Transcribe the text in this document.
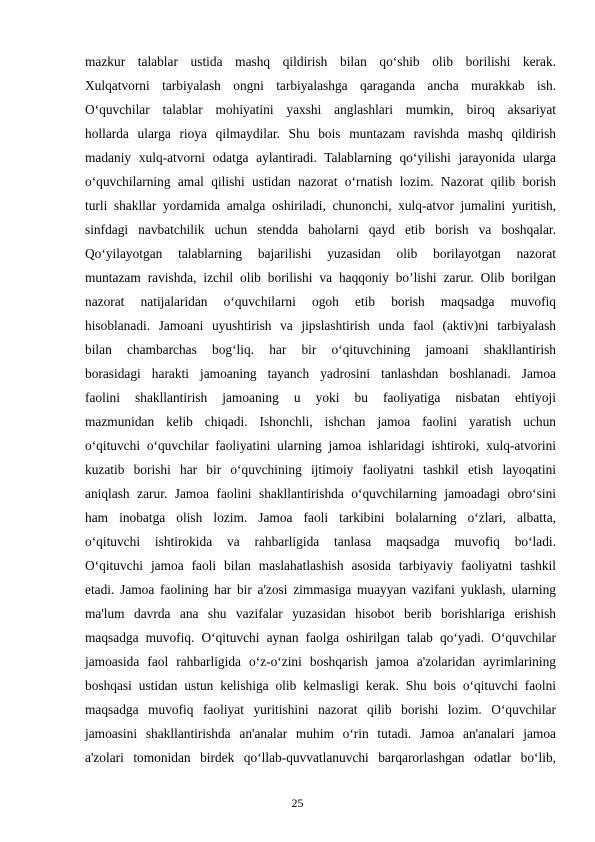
mazkur talablar ustida mashq qildirish bilan qo‘shib olib borilishi kerak.
Xulqatvorni tarbiyalash ongni tarbiyalashga qaraganda ancha murakkab ish.
O‘quvchilar talablar mohiyatini yaxshi anglashlari mumkin, biroq aksariyat
hollarda ularga rioya qilmaydilar. Shu bois muntazam ravishda mashq qildirish
madaniy xulq-atvorni odatga aylantiradi. Talablarning qo‘yilishi jarayonida ularga
o‘quvchilarning amal qilishi ustidan nazorat o‘rnatish lozim. Nazorat qilib borish
turli shakllar yordamida amalga oshiriladi, chunonchi, xulq-atvor jumalini yuritish,
sinfdagi navbatchilik uchun stendda baholarni qayd etib borish va boshqalar.
Qo‘yilayotgan talablarning bajarilishi yuzasidan olib borilayotgan nazorat
muntazam ravishda, izchil olib borilishi va haqqoniy bo’lishi zarur. Olib borilgan
nazorat natijalaridan o‘quvchilarni ogoh etib borish maqsadga muvofiq
hisoblanadi. Jamoani uyushtirish va jipslashtirish unda faol (aktiv)ni tarbiyalash
bilan chambarchas bog‘liq. har bir o‘qituvchining jamoani shakllantirish
borasidagi harakti jamoaning tayanch yadrosini tanlashdan boshlanadi. Jamoa
faolini shakllantirish jamoaning u yoki bu faoliyatiga nisbatan ehtiyoji
mazmunidan kelib chiqadi. Ishonchli, ishchan jamoa faolini yaratish uchun
o‘qituvchi o‘quvchilar faoliyatini ularning jamoa ishlaridagi ishtiroki, xulq-atvorini
kuzatib borishi har bir o‘quvchining ijtimoiy faoliyatni tashkil etish layoqatini
aniqlash zarur. Jamoa faolini shakllantirishda o‘quvchilarning jamoadagi obro‘sini
ham inobatga olish lozim. Jamoa faoli tarkibini bolalarning o‘zlari, albatta,
o‘qituvchi ishtirokida va rahbarligida tanlasa maqsadga muvofiq bo‘ladi.
O‘qituvchi jamoa faoli bilan maslahatlashish asosida tarbiyaviy faoliyatni tashkil
etadi. Jamoa faolining har bir a'zosi zimmasiga muayyan vazifani yuklash, ularning
ma'lum davrda ana shu vazifalar yuzasidan hisobot berib borishlariga erishish
maqsadga muvofiq. O‘qituvchi aynan faolga oshirilgan talab qo‘yadi. O‘quvchilar
jamoasida faol rahbarligida o‘z-o‘zini boshqarish jamoa a'zolaridan ayrimlarining
boshqasi ustidan ustun kelishiga olib kelmasligi kerak. Shu bois o‘qituvchi faolni
maqsadga muvofiq faoliyat yuritishini nazorat qilib borishi lozim. O‘quvchilar
jamoasini shakllantirishda an'analar muhim o‘rin tutadi. Jamoa an'analari jamoa
a'zolari tomonidan birdek qo‘llab-quvvatlanuvchi barqarorlashgan odatlar bo‘lib,
25
